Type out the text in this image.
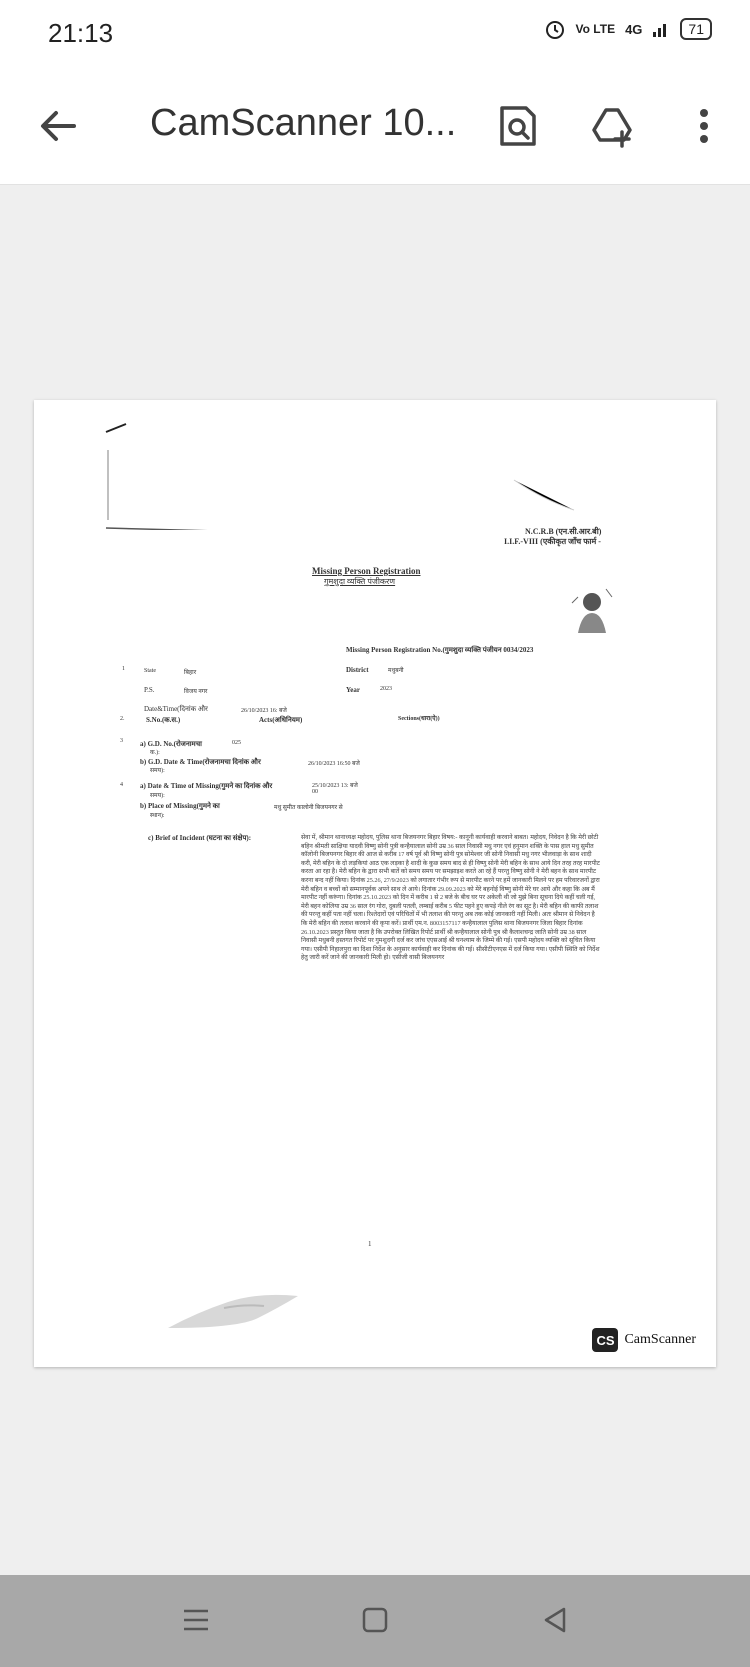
21:13	Vo LTE 4G	71
CamScanner 10...
N.C.R.B (एन.सी.आर.बी)
I.I.F.-VIII (एकीकृत जाँच फार्म -
Missing Person Registration
गुमशुदा व्यक्ति पंजीकरण
Missing Person Registration No.(गुमशुदा व्यक्ति पंजीयन 0034/2023
1	State	बिहार	District	मधुबनी
P.S.	विजय नगर	Year	2023
Date&Time(दिनांक और	26/10/2023 16: बजे
2.	S.No.(क.स.)	Acts(अधिनियम)	Sections(धारा(ऐ))
3 a) G.D. No.(रोजनामचा
क.):
025
b) G.D. Date & Time(रोजनामचा दिनांक और
समय):
26/10/2023 16:50 बजे
4 a) Date & Time of Missing(गुमने का दिनांक और
समय):
25/10/2023 13: बजे
00
b) Place of Missing(गुमने का
स्थान):
मधु सुमीत कालोनी बिजयनगर से
c) Brief of Incident (घटना का संक्षेप):	सेवा में, श्रीमान थानाध्यक्ष महोदय, पुलिस थाना बिजयनगर बिहार विषय:- कानूनी कार्यवाही करवाने बाबत। महोदय, निवेदन है कि मेरी छोटी बहिन श्रीमती साक्षिया यादवी विष्णु सोनी पुत्री कन्हैयालाल सोनी उम्र 36 साल निवासी मधु नगर एवं हनुमान शक्ति के पास हाल मधु सुमीत कॉलोनी बिजयनगर बिहार की आज से करीब 17 वर्ष पूर्व श्री विष्णु सोनी पुत्र सोमेश्वर जी सोनी निवासी मधु नगर भीलवाड़ा के साथ शादी करी, मेरी बहिन के दो लड़कियां आठ एक लड़का है शादी के कुछ समय बाद से ही विष्णु सोनी मेरी बहिन के साथ आये दिन तरह तरह मारपीट करता आ रहा है। मेरी बहिन के द्वारा सभी बातें को समय समय पर समझाइश करते आ रहे हैं परन्तु विष्णु सोनी ने मेरी बहन के साथ मारपीट करना बन्द नहीं किया। दिनांक 25.26, 27/9/2023 को लगातार गंभीर रूप से मारपीट करने पर हमें जानकारी मिलने पर हम परिवारजनों द्वारा मेरी बहिन व बच्चों को सम्मानपूर्वक अपने साथ ले आये। दिनांक 29.09.2023 को मेरे बहनोई विष्णु सोनी मेरे घर आये और कहा कि अब मैं मारपीट नहीं करूंगा। दिनांक 25.10.2023 को दिन में करीब 1 से 2 बजे के बीच घर पर अकेली थी जो मुझे बिना सूचना दिये कहीं चली गई, मेरी बहन कोलिया उम्र 36 साल रंग गोरा, दुबली पतली, लम्बाई करीब 5 फीट पहने हुए कपड़े नीले रंग का सूट है। मेरी बहिन की काफी तलाश की परन्तु कहीं पता नहीं चला। रिश्तेदारों एवं परिचितों में भी तलाश की परन्तु अब तक कोई जानकारी नहीं मिली। अतः श्रीमान से निवेदन है कि मेरी बहिन की तलाश करवाने की कृपा करें। प्रार्थी एम.न. 8003157117 कन्हैयालाल पुलिस थाना बिजयनगर जिला बिहार दिनांक 26.10.2023 प्रस्तुत किया जाता है कि उपरोक्त लिखित रिपोर्ट प्रार्थी श्री कन्हैयालाल सोनी पुत्र श्री कैलाशचन्द्र जाति सोनी उम्र 38 साल निवासी मधुबनी हस्तगत रिपोर्ट पर गुमशुदगी दर्ज कर जांच एएसआई श्री घनश्याम के जिम्मे की गई। एसपी महोदय व्यक्ति को सूचित किया गया। एसीपी निहालपुरा का दिशा निर्देश के अनुसार कार्यवाही कर दिनांक की गई। सीसीटीएनएस में दर्ज किया गया। एसीपी स्थिति को निर्देश हेतु जारी करें जाने की जानकारी मिली हो। एसीजी वासी बिजयनगर
1
CS CamScanner
